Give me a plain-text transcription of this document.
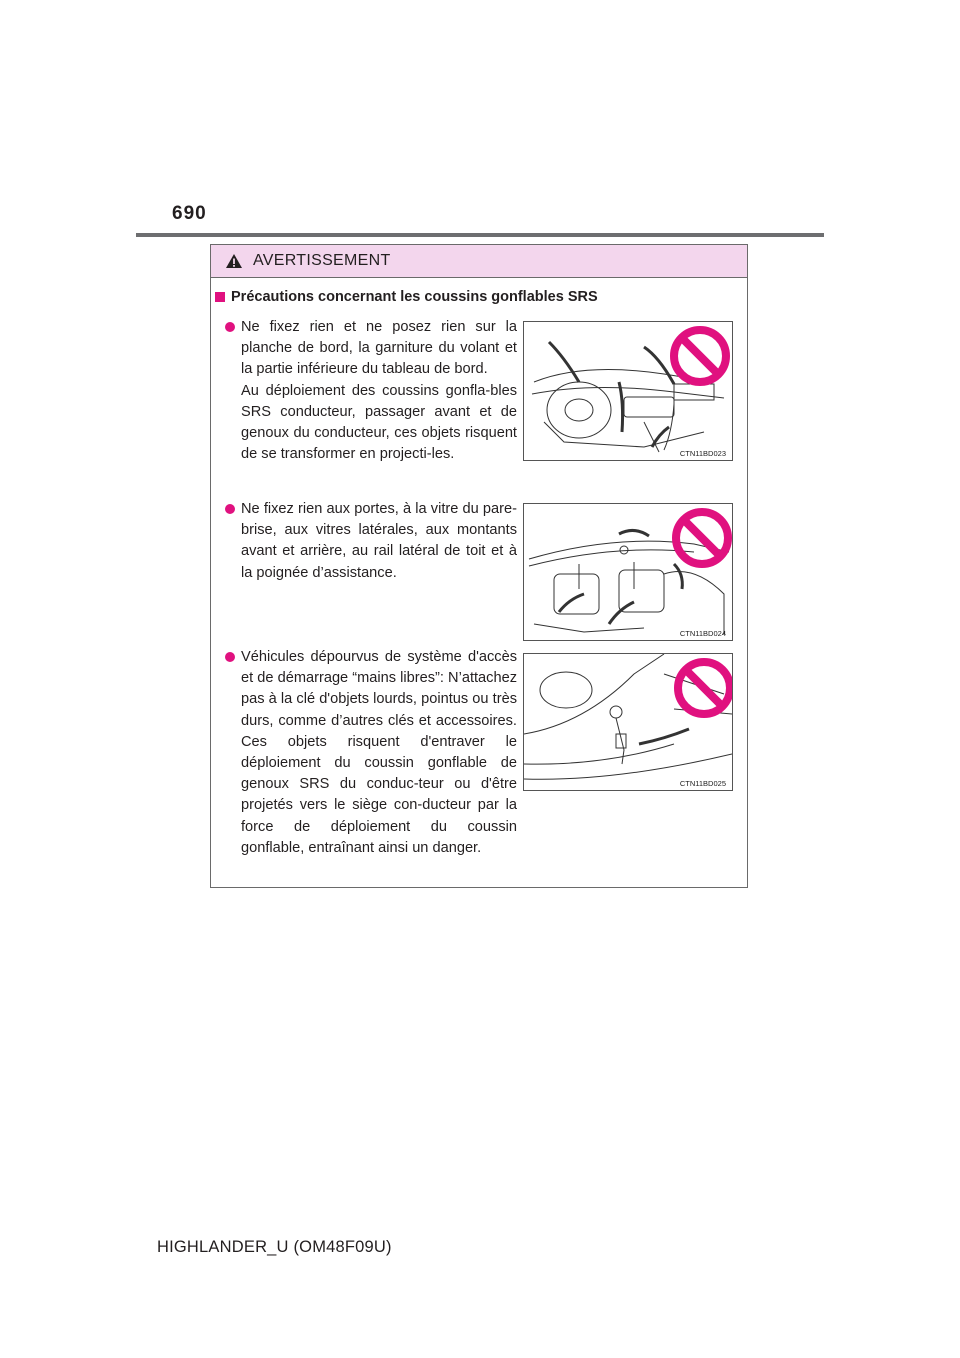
690
AVERTISSEMENT
Précautions concernant les coussins gonflables SRS
Ne fixez rien et ne posez rien sur la planche de bord, la garniture du volant et la partie inférieure du tableau de bord.
Au déploiement des coussins gonfla-bles SRS conducteur, passager avant et de genoux du conducteur, ces objets risquent de se transformer en projecti-les.	CTN11BD023
Ne fixez rien aux portes, à la vitre du pare-brise, aux vitres latérales, aux montants avant et arrière, au rail latéral de toit et à la poignée d’assistance.
CTN11BD024
Véhicules dépourvus de système d'accès et de démarrage “mains libres”: N’attachez pas à la clé d'objets lourds, pointus ou très durs, comme d’autres clés et accessoires. Ces objets risquent d'entraver le déploiement du coussin gonflable de genoux SRS du conduc-teur ou d'être projetés vers le siège con-ducteur par la force de déploiement du coussin gonflable, entraînant ainsi un danger.
CTN11BD025
HIGHLANDER_U (OM48F09U)
